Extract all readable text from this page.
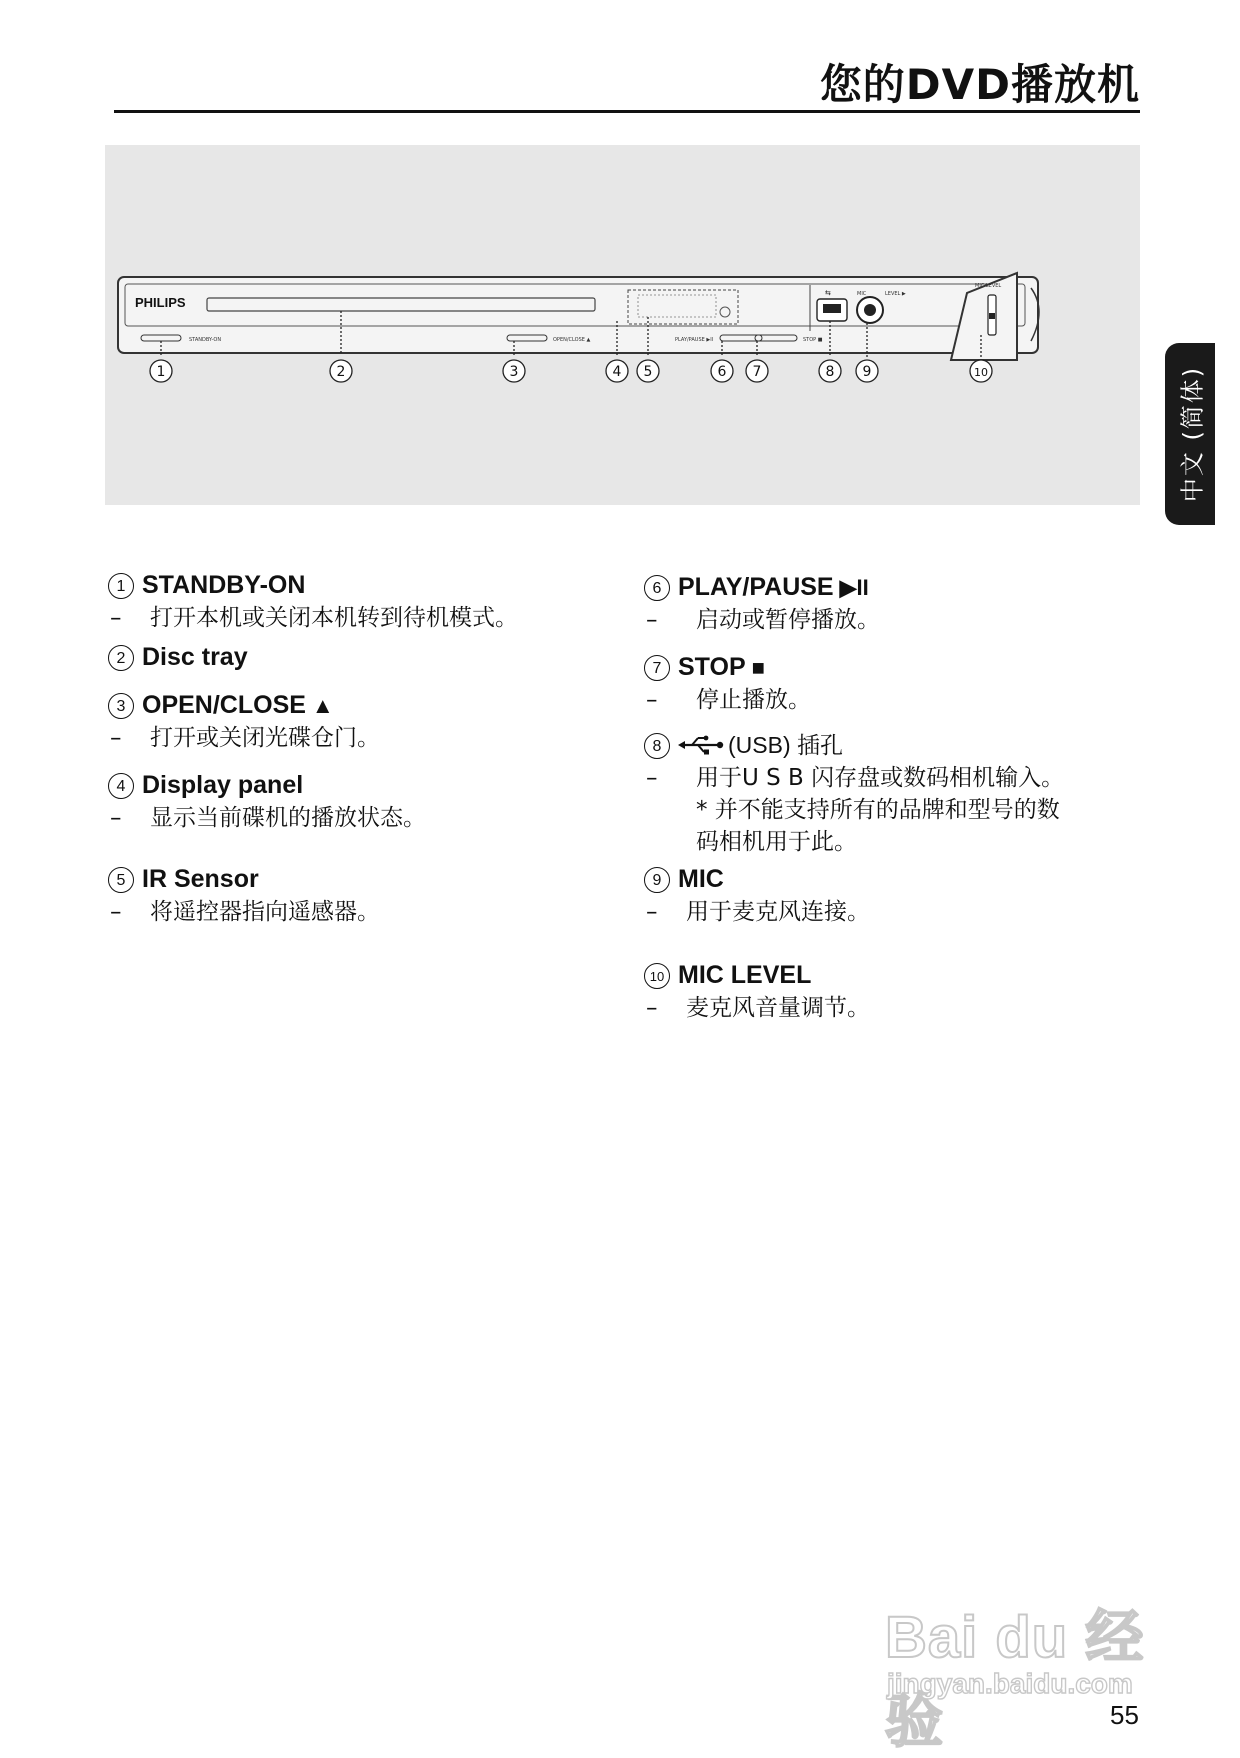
您的DVD播放机
PHILIPS
STANDBY-ON	OPEN/CLOSE ▲	PLAY/PAUSE ▶II	STOP ■
⇆	MIC	LEVEL ▶
MIC LEVEL
1	2	3	4 5	6 7	8 9	10	中文 (简体)
1 STANDBY-ON
– 打开本机或关闭本机转到待机模式。
2 Disc tray
3 OPEN/CLOSE ▲
– 打开或关闭光碟仓门。
4 Display panel
– 显示当前碟机的播放状态。
5 IR Sensor
– 将遥控器指向遥感器。
6 PLAY/PAUSE ▶II
– 启动或暂停播放。
7 STOP ■
– 停止播放。
8	(USB) 插孔
– 用于U S B 闪存盘或数码相机输入。
* 并不能支持所有的品牌和型号的数
码相机用于此。
9 MIC
– 用于麦克风连接。
10 MIC LEVEL
– 麦克风音量调节。
Bai du 经验
jingyan.baidu.com
55
